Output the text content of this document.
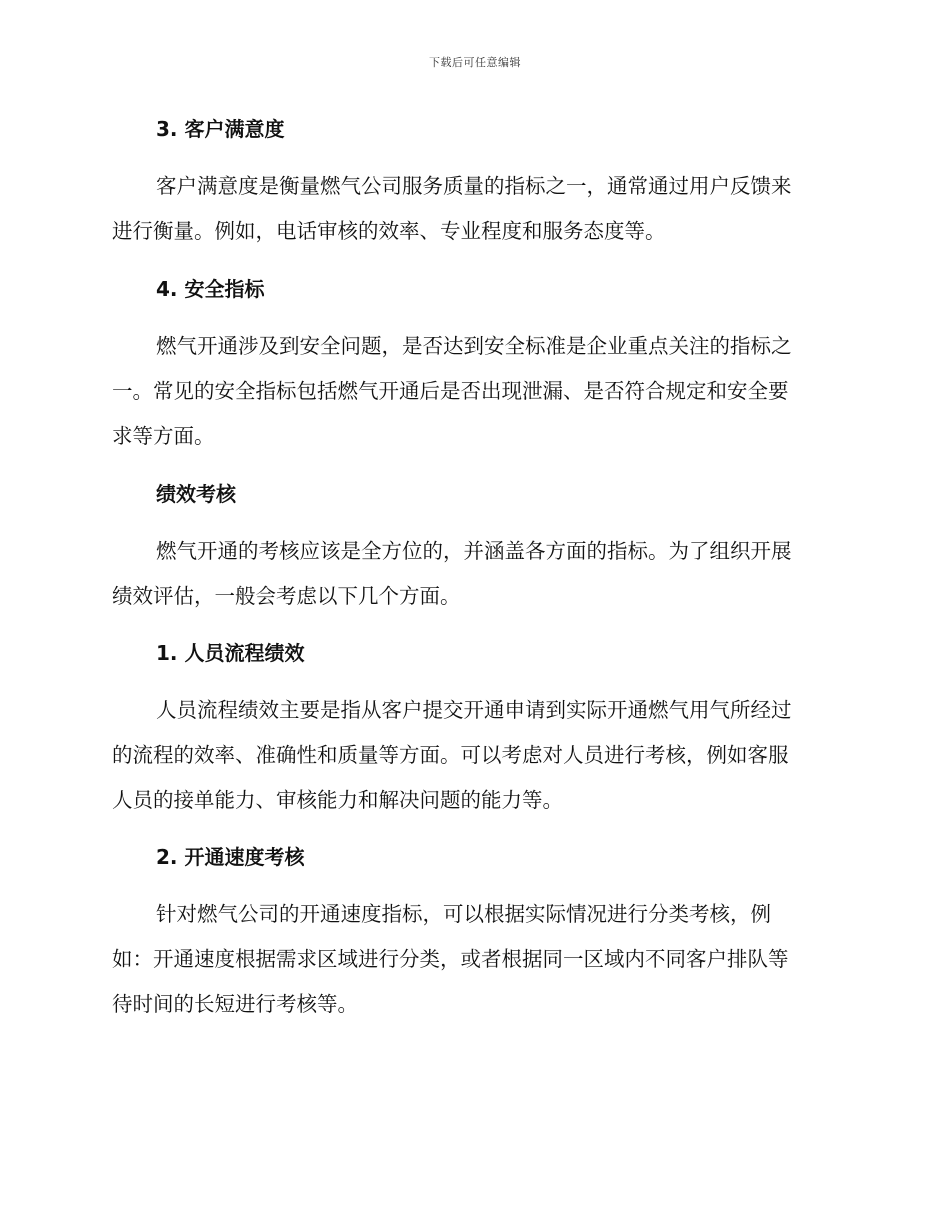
下载后可任意编辑
3. 客户满意度
客户满意度是衡量燃气公司服务质量的指标之一，通常通过用户反馈来
进行衡量。例如，电话审核的效率、专业程度和服务态度等。
4. 安全指标
燃气开通涉及到安全问题，是否达到安全标准是企业重点关注的指标之
一。常见的安全指标包括燃气开通后是否出现泄漏、是否符合规定和安全要
求等方面。
绩效考核
燃气开通的考核应该是全方位的，并涵盖各方面的指标。为了组织开展
绩效评估，一般会考虑以下几个方面。
1. 人员流程绩效
人员流程绩效主要是指从客户提交开通申请到实际开通燃气用气所经过
的流程的效率、准确性和质量等方面。可以考虑对人员进行考核，例如客服
人员的接单能力、审核能力和解决问题的能力等。
2. 开通速度考核
针对燃气公司的开通速度指标，可以根据实际情况进行分类考核，例
如：开通速度根据需求区域进行分类，或者根据同一区域内不同客户排队等
待时间的长短进行考核等。
